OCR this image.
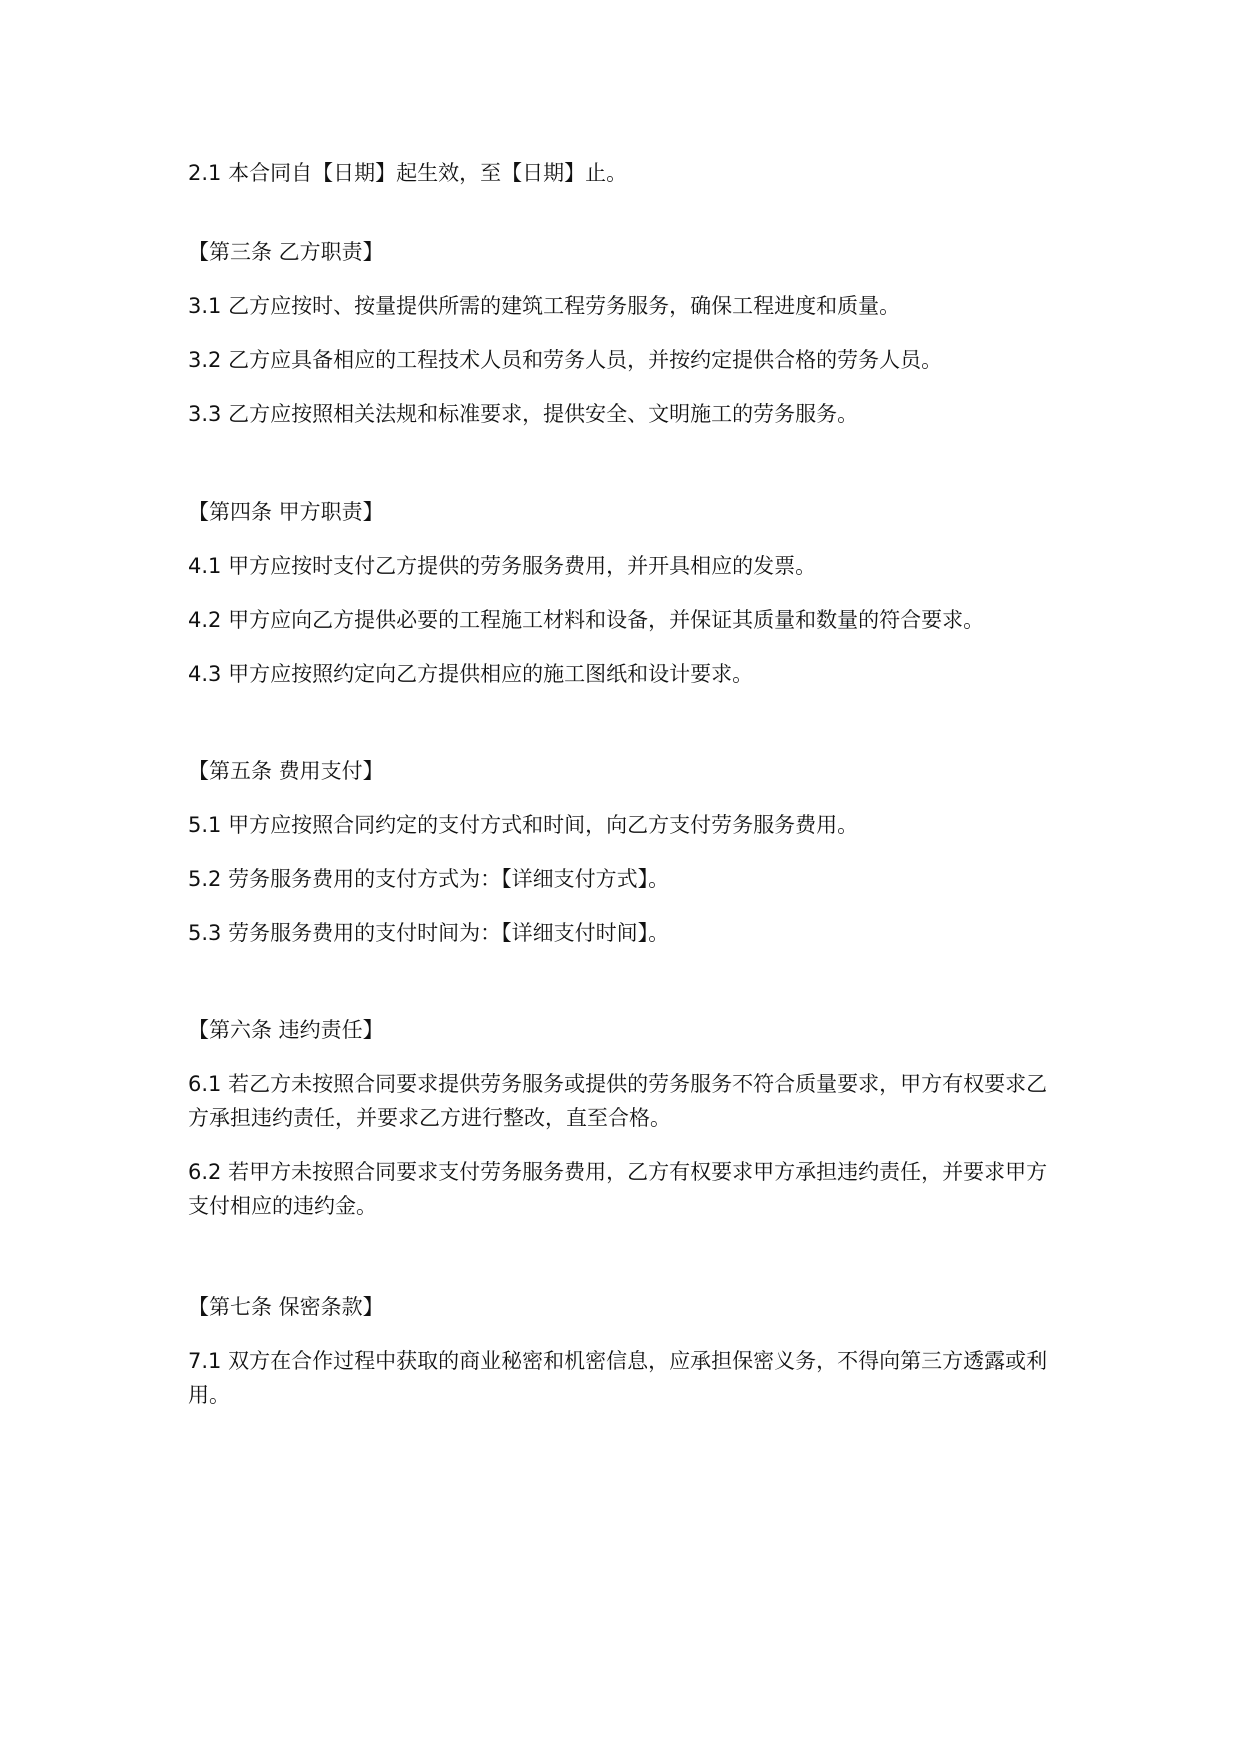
2.1 本合同自【日期】起生效，至【日期】止。
【第三条 乙方职责】
3.1 乙方应按时、按量提供所需的建筑工程劳务服务，确保工程进度和质量。
3.2 乙方应具备相应的工程技术人员和劳务人员，并按约定提供合格的劳务人员。
3.3 乙方应按照相关法规和标准要求，提供安全、文明施工的劳务服务。
【第四条 甲方职责】
4.1 甲方应按时支付乙方提供的劳务服务费用，并开具相应的发票。
4.2 甲方应向乙方提供必要的工程施工材料和设备，并保证其质量和数量的符合要求。
4.3 甲方应按照约定向乙方提供相应的施工图纸和设计要求。
【第五条 费用支付】
5.1 甲方应按照合同约定的支付方式和时间，向乙方支付劳务服务费用。
5.2 劳务服务费用的支付方式为：【详细支付方式】。
5.3 劳务服务费用的支付时间为：【详细支付时间】。
【第六条 违约责任】
6.1 若乙方未按照合同要求提供劳务服务或提供的劳务服务不符合质量要求，甲方有权要求乙方承担违约责任，并要求乙方进行整改，直至合格。
6.2 若甲方未按照合同要求支付劳务服务费用，乙方有权要求甲方承担违约责任，并要求甲方支付相应的违约金。
【第七条 保密条款】
7.1 双方在合作过程中获取的商业秘密和机密信息，应承担保密义务，不得向第三方透露或利用。
